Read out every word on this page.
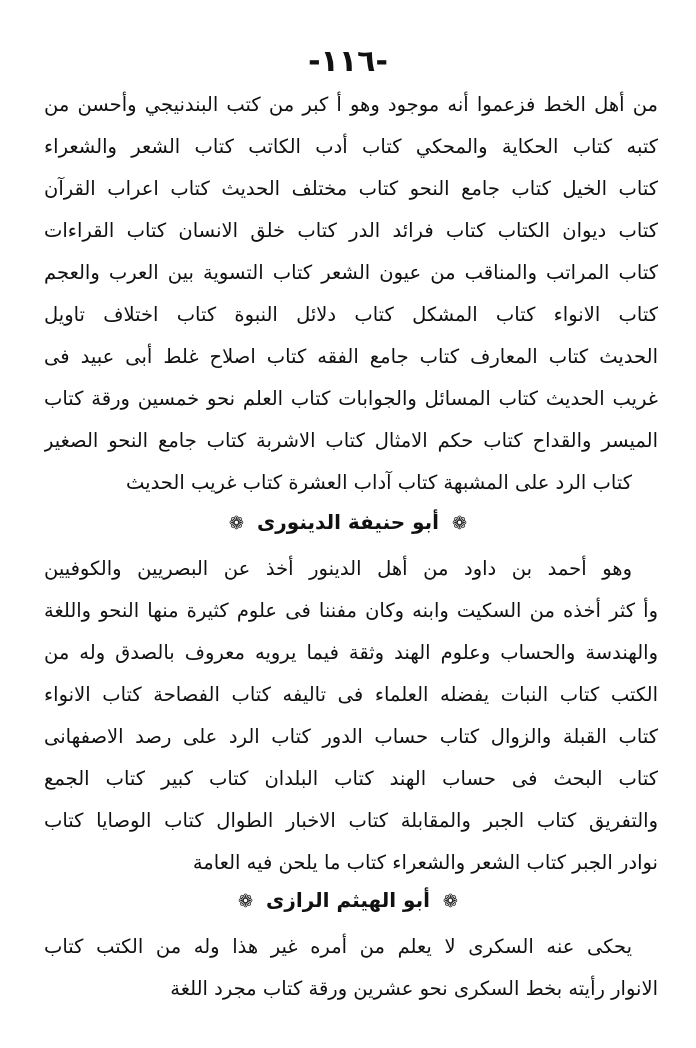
-١١٦-
من أهل الخط فزعموا أنه موجود وهو أ كبر من كتب البندنيجي وأحسن من
كتبه كتاب الحكاية والمحكي كتاب أدب الكاتب كتاب الشعر والشعراء
كتاب الخيل كتاب جامع النحو كتاب مختلف الحديث كتاب اعراب القرآن
كتاب ديوان الكتاب كتاب فرائد الدر كتاب خلق الانسان كتاب القراءات
كتاب المراتب والمناقب من عيون الشعر كتاب التسوية بين العرب والعجم
كتاب الانواء كتاب المشكل كتاب دلائل النبوة كتاب اختلاف تاويل
الحديث كتاب المعارف كتاب جامع الفقه كتاب اصلاح غلط أبى عبيد فى
غريب الحديث كتاب المسائل والجوابات كتاب العلم نحو خمسين ورقة كتاب
الميسر والقداح كتاب حكم الامثال كتاب الاشربة كتاب جامع النحو الصغير
كتاب الرد على المشبهة كتاب آداب العشرة كتاب غريب الحديث
❁ أبو حنيفة الدينورى ❁
وهو أحمد بن داود من أهل الدينور أخذ عن البصريين والكوفيين
وأ كثر أخذه من السكيت وابنه وكان مفننا فى علوم كثيرة منها النحو واللغة
والهندسة والحساب وعلوم الهند وثقة فيما يرويه معروف بالصدق وله من
الكتب كتاب النبات يفضله العلماء فى تاليفه كتاب الفصاحة كتاب الانواء
كتاب القبلة والزوال كتاب حساب الدور كتاب الرد على رصد الاصفهانى
كتاب البحث فى حساب الهند كتاب البلدان كتاب كبير كتاب الجمع
والتفريق كتاب الجبر والمقابلة كتاب الاخبار الطوال كتاب الوصايا كتاب
نوادر الجبر كتاب الشعر والشعراء كتاب ما يلحن فيه العامة
❁ أبو الهيثم الرازى ❁
يحكى عنه السكرى لا يعلم من أمره غير هذا وله من الكتب كتاب
الانوار رأيته بخط السكرى نحو عشرين ورقة كتاب مجرد اللغة
